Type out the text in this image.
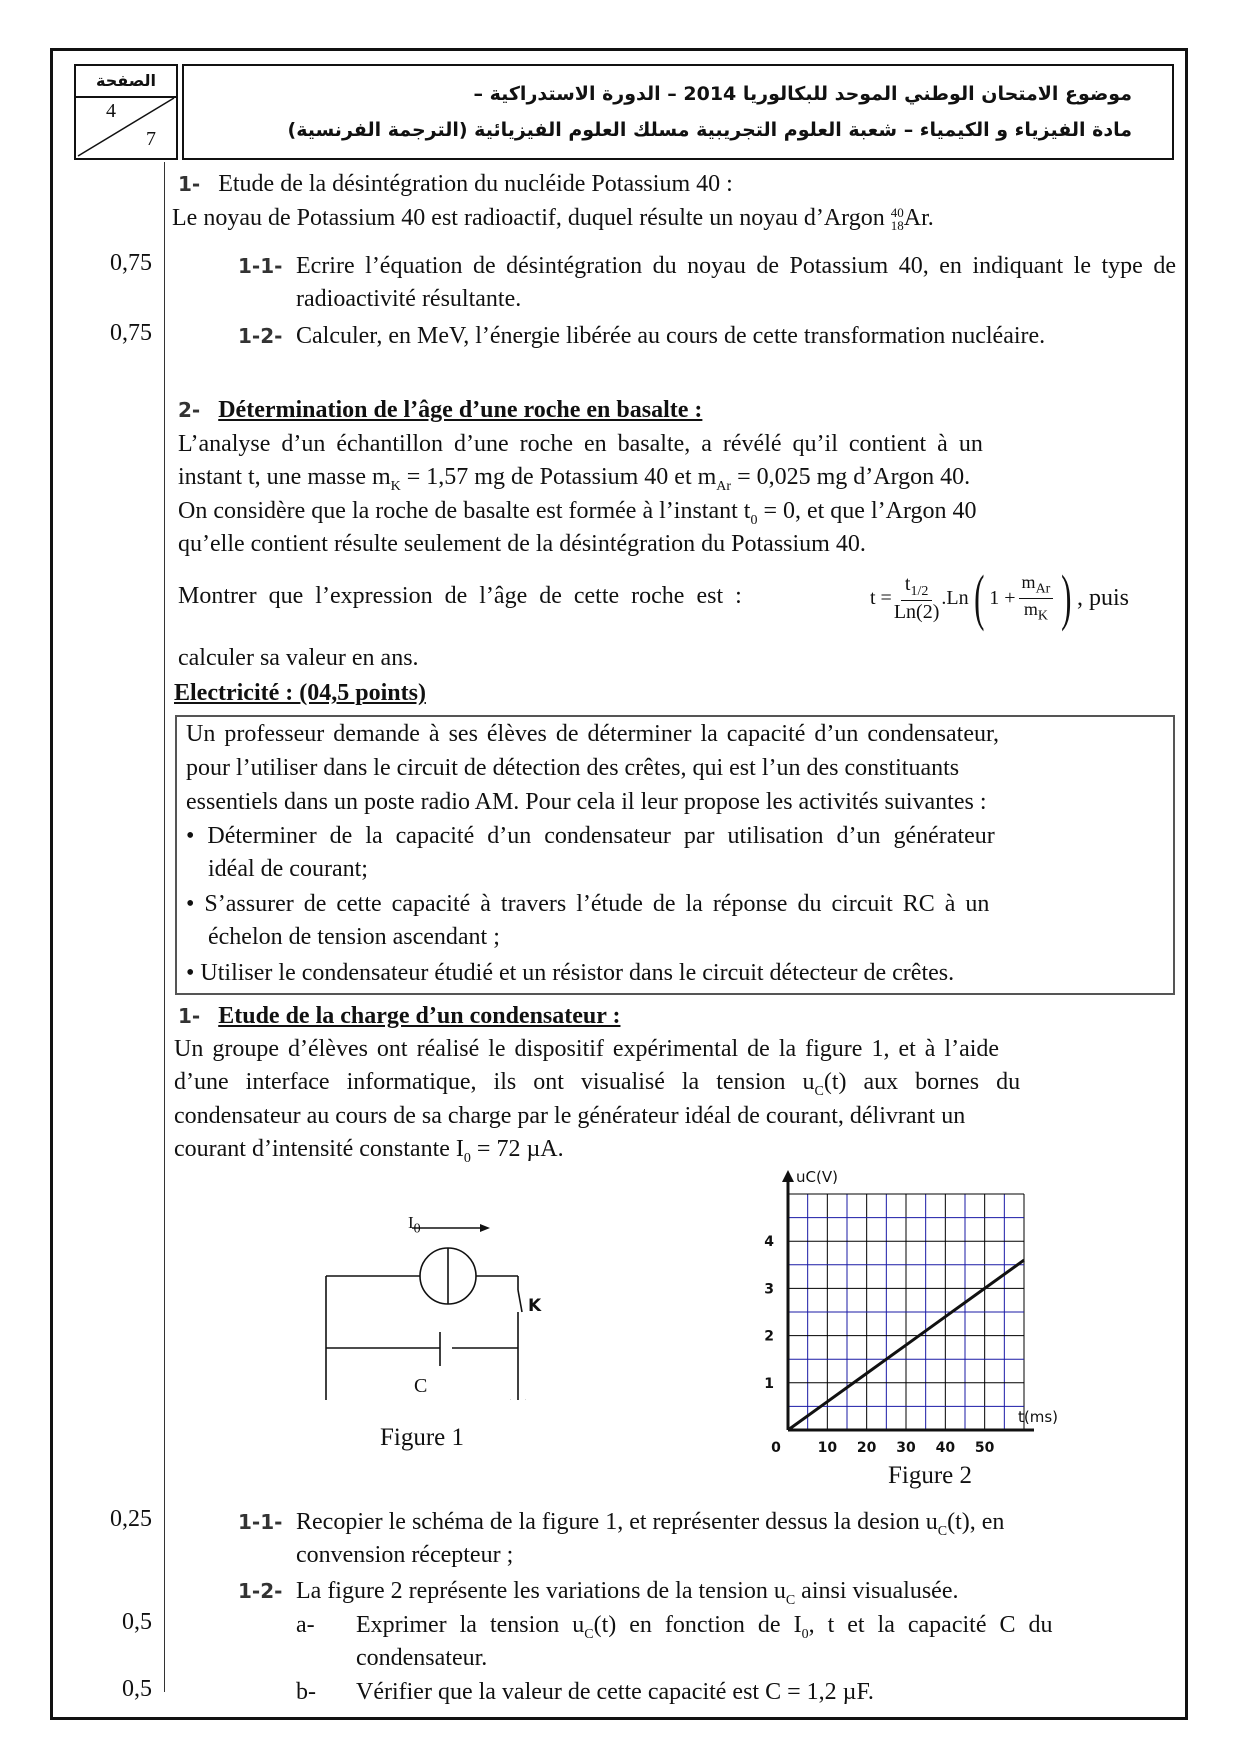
الصفحة
4
7
موضوع الامتحان الوطني الموحد للبكالوريا 2014 – الدورة الاستدراكية –
مادة الفيزياء و الكيمياء – شعبة العلوم التجريبية مسلك العلوم الفيزيائية (الترجمة الفرنسية)
1- Etude de la désintégration du nucléide Potassium 40 :
Le noyau de Potassium 40 est radioactif, duquel résulte un noyau d’Argon 40
18Ar.
0,75	1-1- Ecrire l’équation de désintégration du noyau de Potassium 40, en indiquant le type de radioactivité résultante.
0,75	1-2- Calculer, en MeV, l’énergie libérée au cours de cette transformation nucléaire.
2- Détermination de l’âge d’une roche en basalte :
L’analyse d’un échantillon d’une roche en basalte, a révélé qu’il contient à un
instant t, une masse $m_K = 1,57$ mg de Potassium 40 et $m_{Ar} = 0,025$ mg d’Argon 40.
On considère que la roche de basalte est formée à l’instant $t_0 = 0$, et que l’Argon 40
qu’elle contient résulte seulement de la désintégration du Potassium 40.
Montrer que l’expression de l’âge de cette roche est :	$t = \frac{t_{1/2}}{Ln(2)} .Ln$ ( 1 +
$m_{Ar}$
$m_K$ ) , puis
calculer sa valeur en ans.
Electricité : (04,5 points)
Un professeur demande à ses élèves de déterminer la capacité d’un condensateur,
pour l’utiliser dans le circuit de détection des crêtes, qui est l’un des constituants
essentiels dans un poste radio AM. Pour cela il leur propose les activités suivantes :
• Déterminer de la capacité d’un condensateur par utilisation d’un générateur
idéal de courant;
• S’assurer de cette capacité à travers l’étude de la réponse du circuit RC à un
échelon de tension ascendant ;
• Utiliser le condensateur étudié et un résistor dans le circuit détecteur de crêtes.
1- Etude de la charge d’un condensateur :
Un groupe d’élèves ont réalisé le dispositif expérimental de la figure 1, et à l’aide
d’une interface informatique, ils ont visualisé la tension $u_C(t)$ aux bornes du
condensateur au cours de sa charge par le générateur idéal de courant, délivrant un
courant d’intensité constante $I_0 = 72$ µA.
$I_0$
K
C
Figure 1	0	10 20 30 40 50
1
2
3
4
uC(V)
t(ms)
Figure 2
0,25	1-1- Recopier le schéma de la figure 1, et représenter dessus la desion $u_C(t)$, en
convension récepteur ;
1-2- La figure 2 représente les variations de la tension $u_C$ ainsi visualusée.
0,5	a- Exprimer la tension $u_C(t)$ en fonction de $I_0$, t et la capacité C du
condensateur.
0,5	b- Vérifier que la valeur de cette capacité est C = 1,2 µF.
